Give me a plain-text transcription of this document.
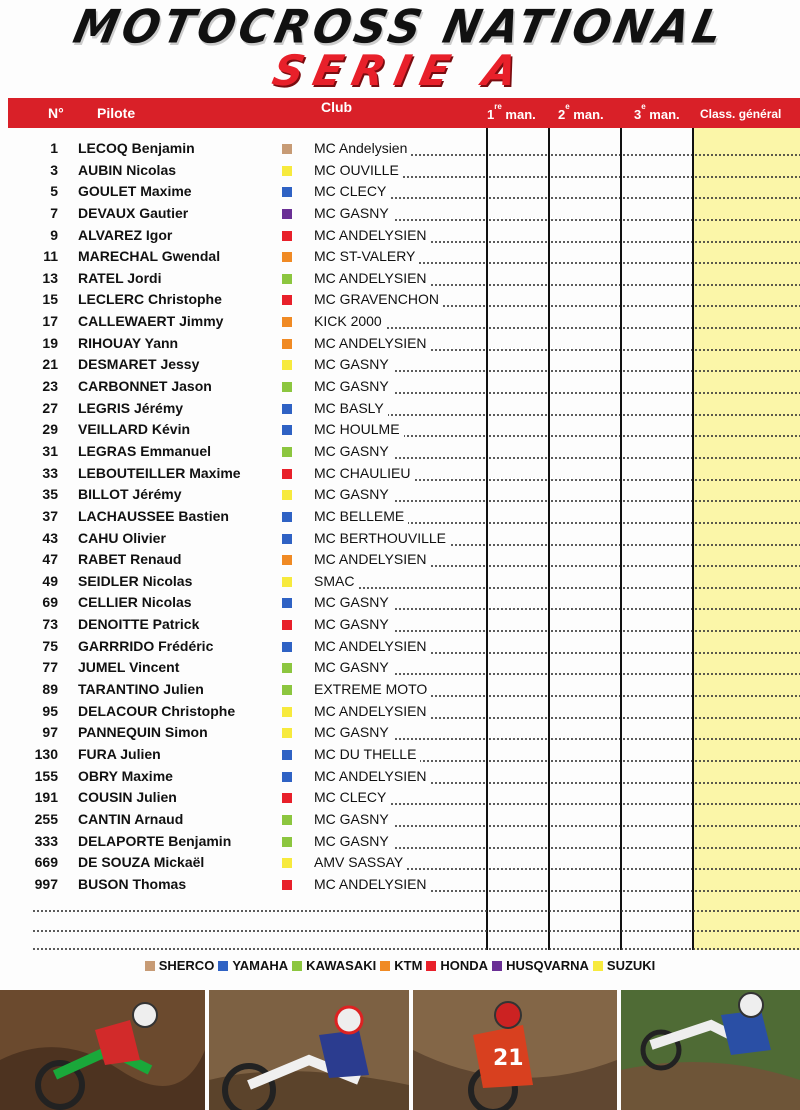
MOTOCROSS NATIONAL
SERIE A
N° Pilote	Club	1re man. 2e man. 3e man. Class. général
1 LECOQ Benjamin	MC Andelysien
3 AUBIN Nicolas	MC OUVILLE
5 GOULET Maxime	MC CLECY
7 DEVAUX Gautier	MC GASNY
9 ALVAREZ Igor	MC ANDELYSIEN
11 MARECHAL Gwendal	MC ST-VALERY
13 RATEL Jordi	MC ANDELYSIEN
15 LECLERC Christophe	MC GRAVENCHON
17 CALLEWAERT Jimmy	KICK 2000
19 RIHOUAY Yann	MC ANDELYSIEN
21 DESMARET Jessy	MC GASNY
23 CARBONNET Jason	MC GASNY
27 LEGRIS Jérémy	MC BASLY
29 VEILLARD Kévin	MC HOULME
31 LEGRAS Emmanuel	MC GASNY
33 LEBOUTEILLER Maxime	MC CHAULIEU
35 BILLOT Jérémy	MC GASNY
37 LACHAUSSEE Bastien	MC BELLEME
43 CAHU Olivier	MC BERTHOUVILLE
47 RABET Renaud	MC ANDELYSIEN
49 SEIDLER Nicolas	SMAC
69 CELLIER Nicolas	MC GASNY
73 DENOITTE Patrick	MC GASNY
75 GARRRIDO Frédéric	MC ANDELYSIEN
77 JUMEL Vincent	MC GASNY
89 TARANTINO Julien	EXTREME MOTO
95 DELACOUR Christophe	MC ANDELYSIEN
97 PANNEQUIN Simon	MC GASNY
130 FURA Julien	MC DU THELLE
155 OBRY Maxime	MC ANDELYSIEN
191 COUSIN Julien	MC CLECY
255 CANTIN Arnaud	MC GASNY
333 DELAPORTE Benjamin	MC GASNY
669 DE SOUZA Mickaël	AMV SASSAY
997 BUSON Thomas	MC ANDELYSIEN
SHERCO YAMAHA KAWASAKI KTM HONDA HUSQVARNA SUZUKI
21
